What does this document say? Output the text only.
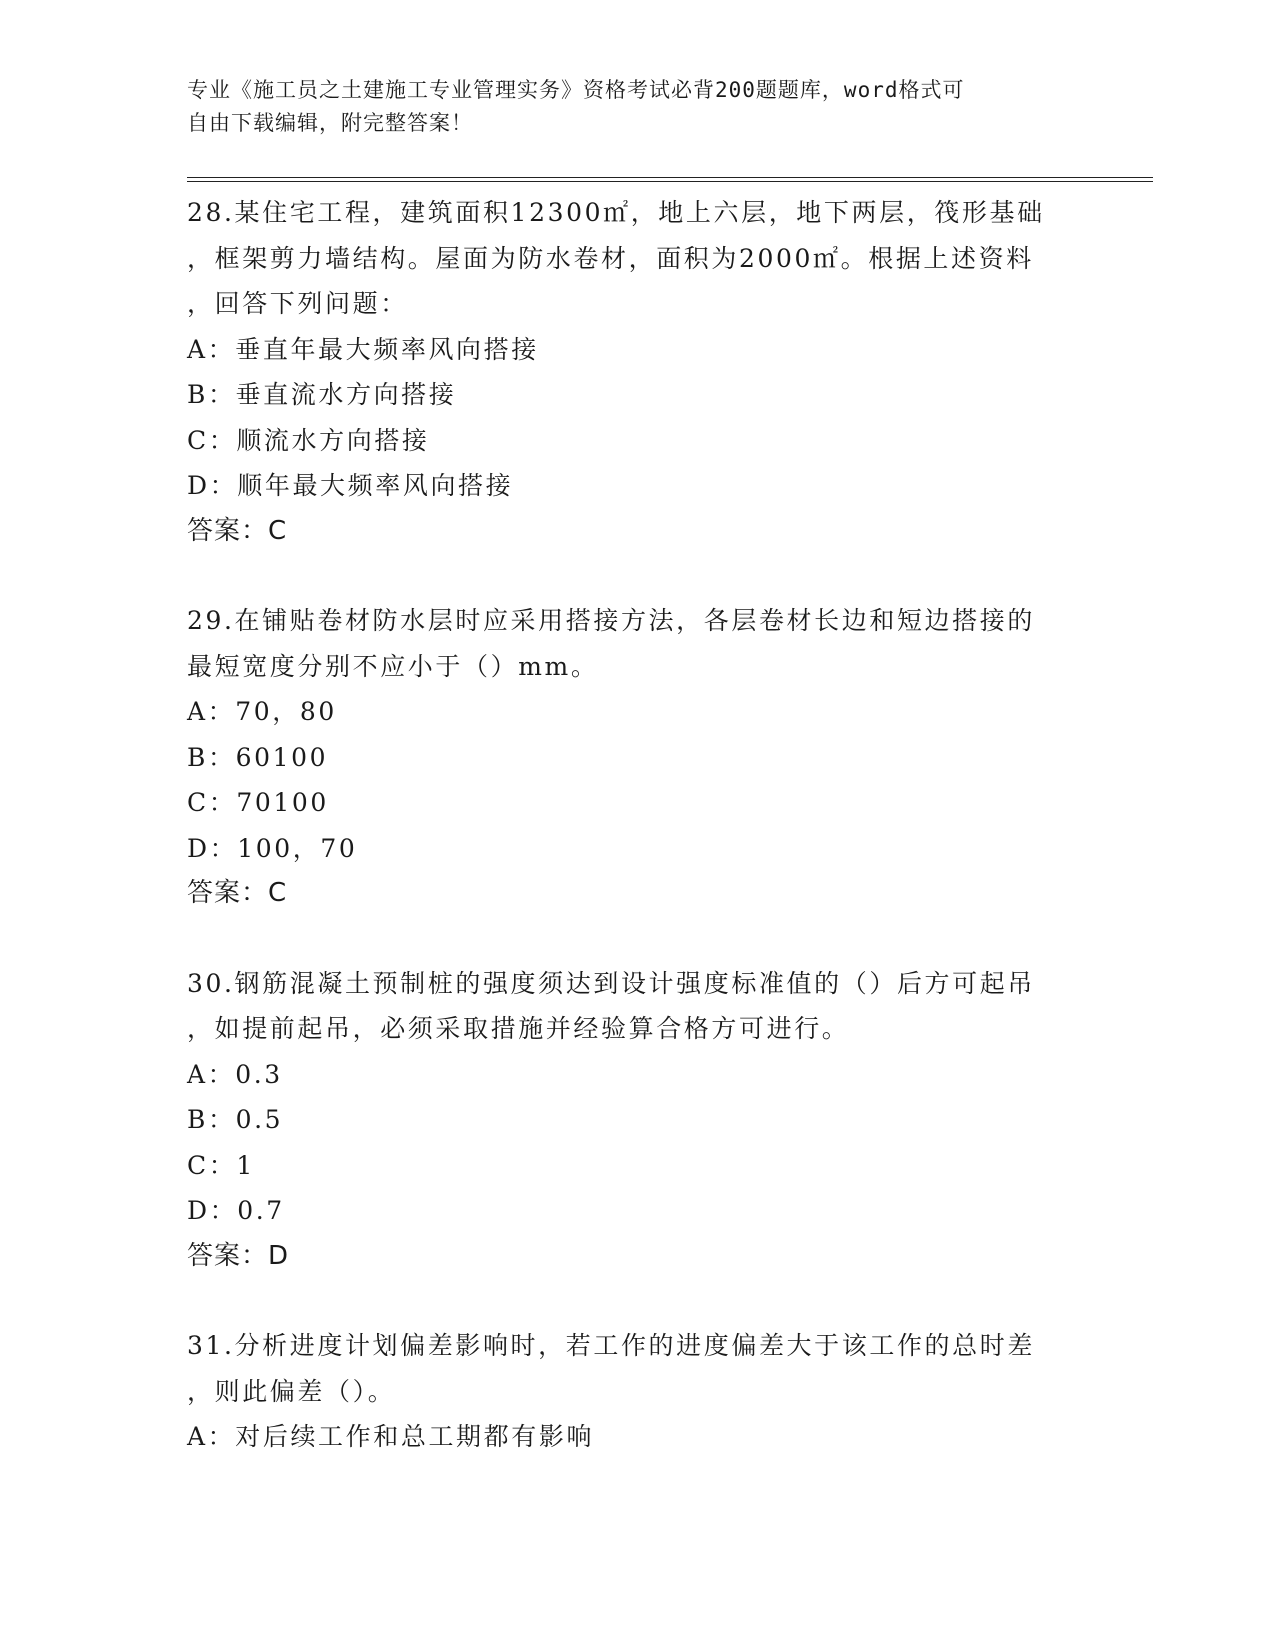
专业《施工员之土建施工专业管理实务》资格考试必背200题题库，word格式可
自由下载编辑，附完整答案！
28.某住宅工程，建筑面积12300㎡，地上六层，地下两层，筏形基础
，框架剪力墙结构。屋面为防水卷材，面积为2000㎡。根据上述资料
，回答下列问题：
A：垂直年最大频率风向搭接
B：垂直流水方向搭接
C：顺流水方向搭接
D：顺年最大频率风向搭接
答案：C
29.在铺贴卷材防水层时应采用搭接方法，各层卷材长边和短边搭接的
最短宽度分别不应小于（）mm。
A：70，80
B：60100
C：70100
D：100，70
答案：C
30.钢筋混凝土预制桩的强度须达到设计强度标准值的（）后方可起吊
，如提前起吊，必须采取措施并经验算合格方可进行。
A：0.3
B：0.5
C：1
D：0.7
答案：D
31.分析进度计划偏差影响时，若工作的进度偏差大于该工作的总时差
，则此偏差（）。
A：对后续工作和总工期都有影响
